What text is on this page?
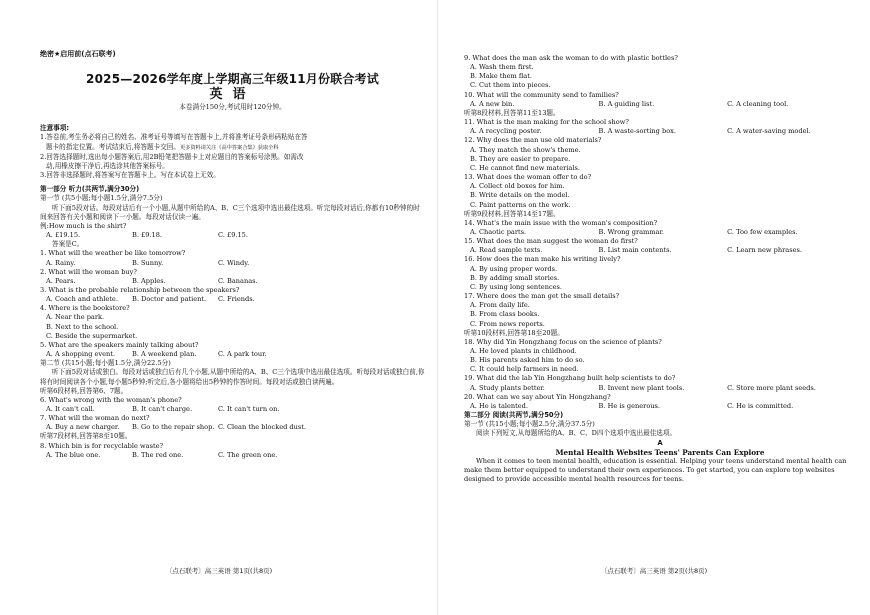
绝密★启用前(点石联考)
2025—2026学年度上学期高三年级11月份联合考试
英语
本卷满分150分,考试用时120分钟。
注意事项:
1.答卷前,考生务必将自己的姓名、准考证号等填写在答题卡上,并将准考证号条形码粘贴在答
题卡的指定位置。考试结束后,将答题卡交回。更多资料请关注《高中答案合集》获取全科
2.回答选择题时,选出每小题答案后,用2B铅笔把答题卡上对应题目的答案标号涂黑。如需改
动,用橡皮擦干净后,再选涂其他答案标号。
3.回答非选择题时,将答案写在答题卡上。写在本试卷上无效。
第一部分 听力(共两节,满分30分)
第一节 (共5小题;每小题1.5分,满分7.5分)
听下面5段对话。每段对话后有一个小题,从题中所给的A、B、C三个选项中选出最佳选项。听完每段对话后,你都有10秒钟的时间来回答有关小题和阅读下一小题。每段对话仅读一遍。
例:How much is the shirt?
A. £19.15.	B. £9.18.	C. £9.15.
答案是C。
1. What will the weather be like tomorrow?
A. Rainy.	B. Sunny.	C. Windy.
2. What will the woman buy?
A. Pears.	B. Apples.	C. Bananas.
3. What is the probable relationship between the speakers?
A. Coach and athlete.	B. Doctor and patient.	C. Friends.
4. Where is the bookstore?
A. Near the park.
B. Next to the school.
C. Beside the supermarket.
5. What are the speakers mainly talking about?
A. A shopping event.	B. A weekend plan.	C. A park tour.
第二节 (共15小题;每小题1.5分,满分22.5分)
听下面5段对话或独白。每段对话或独白后有几个小题,从题中所给的A、B、C三个选项中选出最佳选项。听每段对话或独白前,你将有时间阅读各个小题,每小题5秒钟;听完后,各小题将给出5秒钟的作答时间。每段对话或独白读两遍。
听第6段材料,回答第6、7题。
6. What's wrong with the woman's phone?
A. It can't call.	B. It can't charge.	C. It can't turn on.
7. What will the woman do next?
A. Buy a new charger.	B. Go to the repair shop. C. Clean the blocked dust.
听第7段材料,回答第8至10题。
8. Which bin is for recyclable waste?
A. The blue one.	B. The red one.	C. The green one.
〔点石联考〕高三英语 第1页(共8页)
9. What does the man ask the woman to do with plastic bottles?
A. Wash them first.
B. Make them flat.
C. Cut them into pieces.
10. What will the community send to families?
A. A new bin.	B. A guiding list.	C. A cleaning tool.
听第8段材料,回答第11至13题。
11. What is the man making for the school show?
A. A recycling poster.	B. A waste-sorting box.	C. A water-saving model.
12. Why does the man use old materials?
A. They match the show's theme.
B. They are easier to prepare.
C. He cannot find new materials.
13. What does the woman offer to do?
A. Collect old boxes for him.
B. Write details on the model.
C. Paint patterns on the work.
听第9段材料,回答第14至17题。
14. What's the main issue with the woman's composition?
A. Chaotic parts.	B. Wrong grammar.	C. Too few examples.
15. What does the man suggest the woman do first?
A. Read sample texts.	B. List main contents.	C. Learn new phrases.
16. How does the man make his writing lively?
A. By using proper words.
B. By adding small stories.
C. By using long sentences.
17. Where does the man get the small details?
A. From daily life.
B. From class books.
C. From news reports.
听第10段材料,回答第18至20题。
18. Why did Yin Hongzhang focus on the science of plants?
A. He loved plants in childhood.
B. His parents asked him to do so.
C. It could help farmers in need.
19. What did the lab Yin Hongzhang built help scientists to do?
A. Study plants better.	B. Invent new plant tools.	C. Store more plant seeds.
20. What can we say about Yin Hongzhang?
A. He is talented.	B. He is generous.	C. He is committed.
第二部分 阅读(共两节,满分50分)
第一节 (共15小题;每小题2.5分,满分37.5分)
阅读下列短文,从每题所给的A、B、C、D四个选项中选出最佳选项。
A
Mental Health Websites Teens' Parents Can Explore
When it comes to teen mental health, education is essential. Helping your teens understand mental health can make them better equipped to understand their own experiences. To get started, you can explore top websites designed to provide accessible mental health resources for teens.
〔点石联考〕高三英语 第2页(共8页)
